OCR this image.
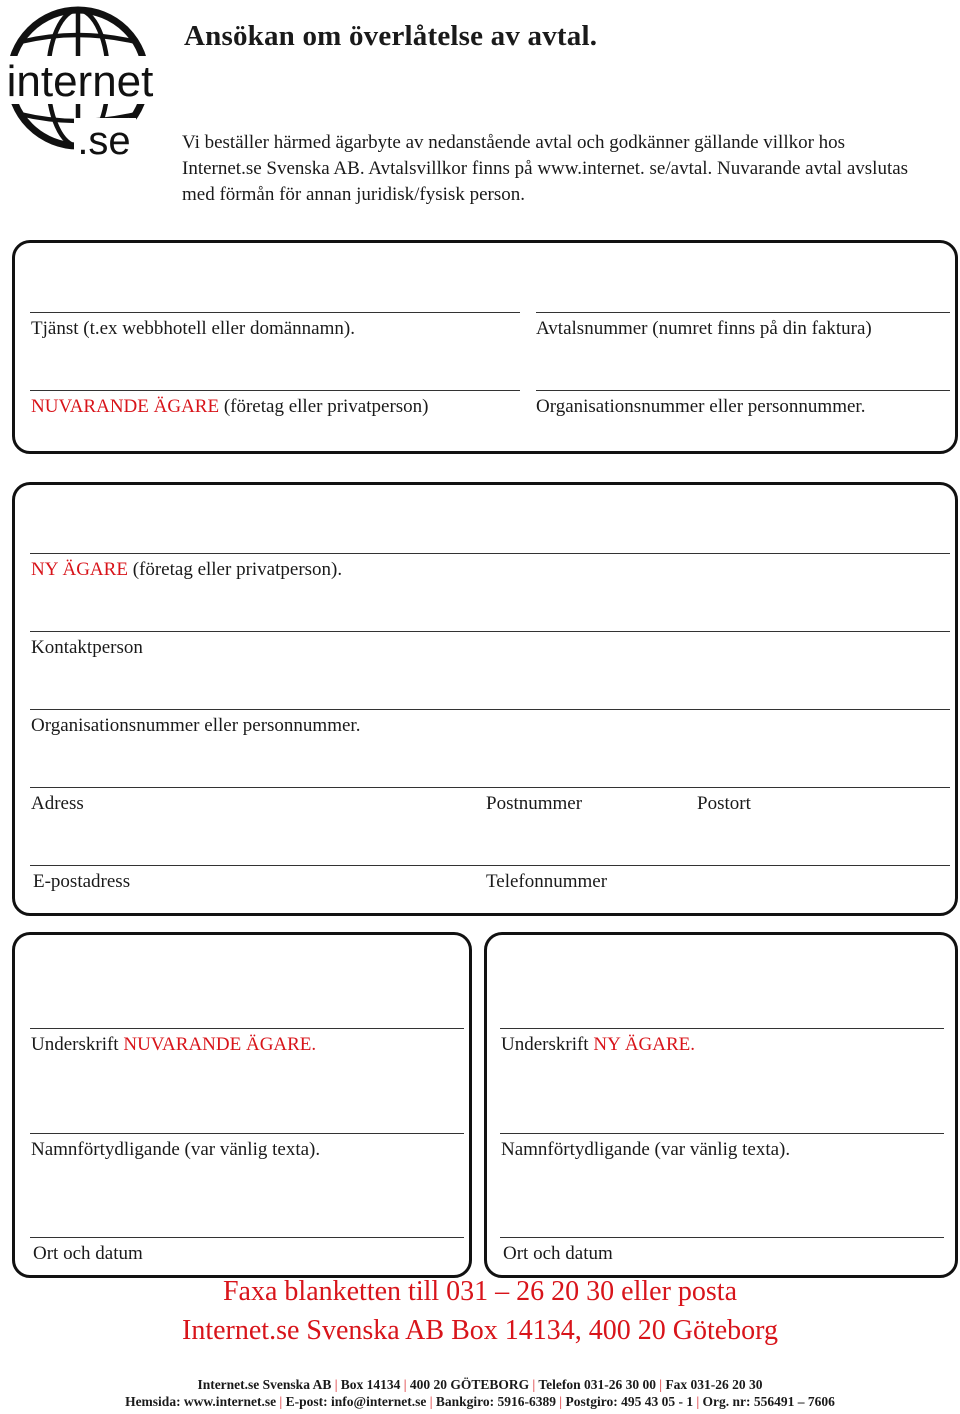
internet
.se
Ansökan om överlåtelse av avtal.

Vi beställer härmed ägarbyte av nedanstående avtal och godkänner gällande villkor hos Internet.se Svenska AB. Avtalsvillkor finns på www.internet. se/avtal. Nuvarande avtal avslutas med förmån för annan juridisk/fysisk person.

Tjänst (t.ex webbhotell eller domännamn).	Avtalsnummer (numret finns på din faktura)
NUVARANDE ÄGARE (företag eller privatperson)	Organisationsnummer eller personnummer.
NY ÄGARE (företag eller privatperson).
Kontaktperson
Organisationsnummer eller personnummer.
Adress	Postnummer	Postort
E-postadress	Telefonnummer
Underskrift NUVARANDE ÄGARE.
Namnförtydligande (var vänlig texta).
Ort och datum
Underskrift NY ÄGARE.
Namnförtydligande (var vänlig texta).
Ort och datum
Faxa blanketten till 031 – 26 20 30 eller posta
Internet.se Svenska AB Box 14134, 400 20 Göteborg
Internet.se Svenska AB | Box 14134 | 400 20 GÖTEBORG | Telefon 031-26 30 00 | Fax 031-26 20 30
Hemsida: www.internet.se | E-post: info@internet.se | Bankgiro: 5916-6389 | Postgiro: 495 43 05 - 1 | Org. nr: 556491 – 7606
